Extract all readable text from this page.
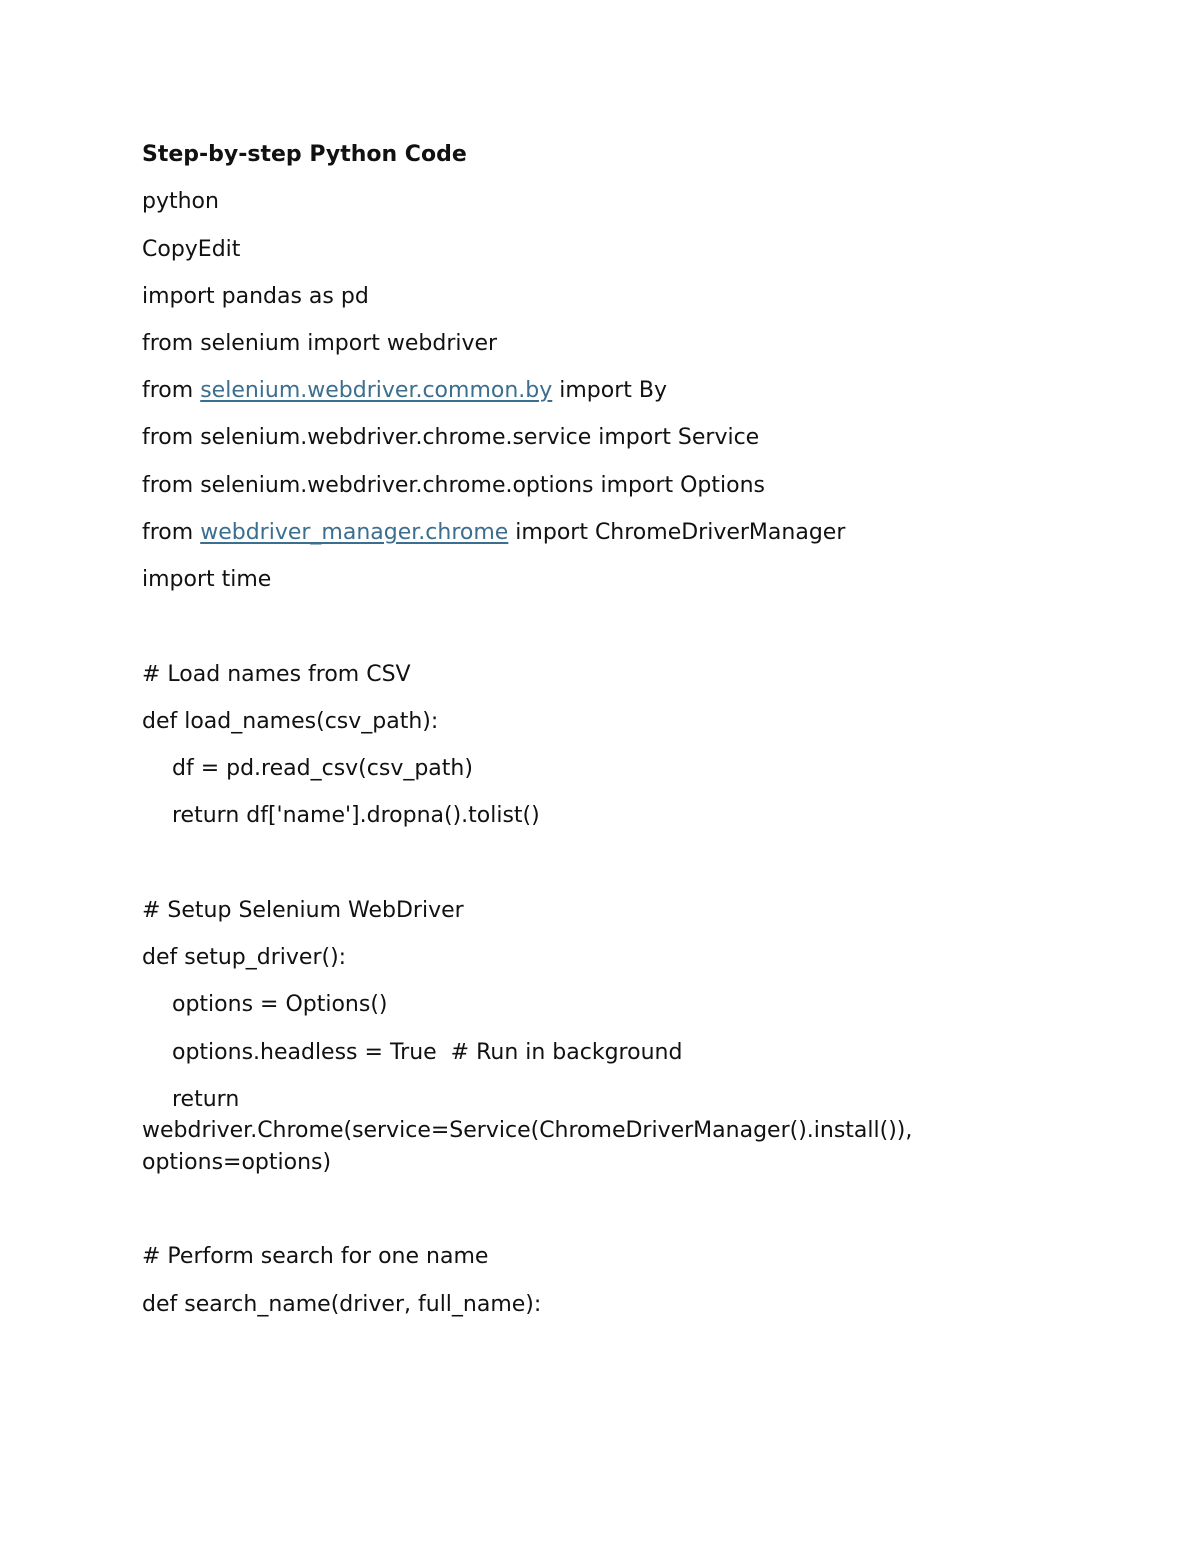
Step-by-step Python Code
python
CopyEdit
import pandas as pd
from selenium import webdriver
from selenium.webdriver.common.by import By
from selenium.webdriver.chrome.service import Service
from selenium.webdriver.chrome.options import Options
from webdriver_manager.chrome import ChromeDriverManager
import time
# Load names from CSV
def load_names(csv_path):
df = pd.read_csv(csv_path)
return df['name'].dropna().tolist()
# Setup Selenium WebDriver
def setup_driver():
options = Options()
options.headless = True  # Run in background
return
webdriver.Chrome(service=Service(ChromeDriverManager().install()),
options=options)
# Perform search for one name
def search_name(driver, full_name):
